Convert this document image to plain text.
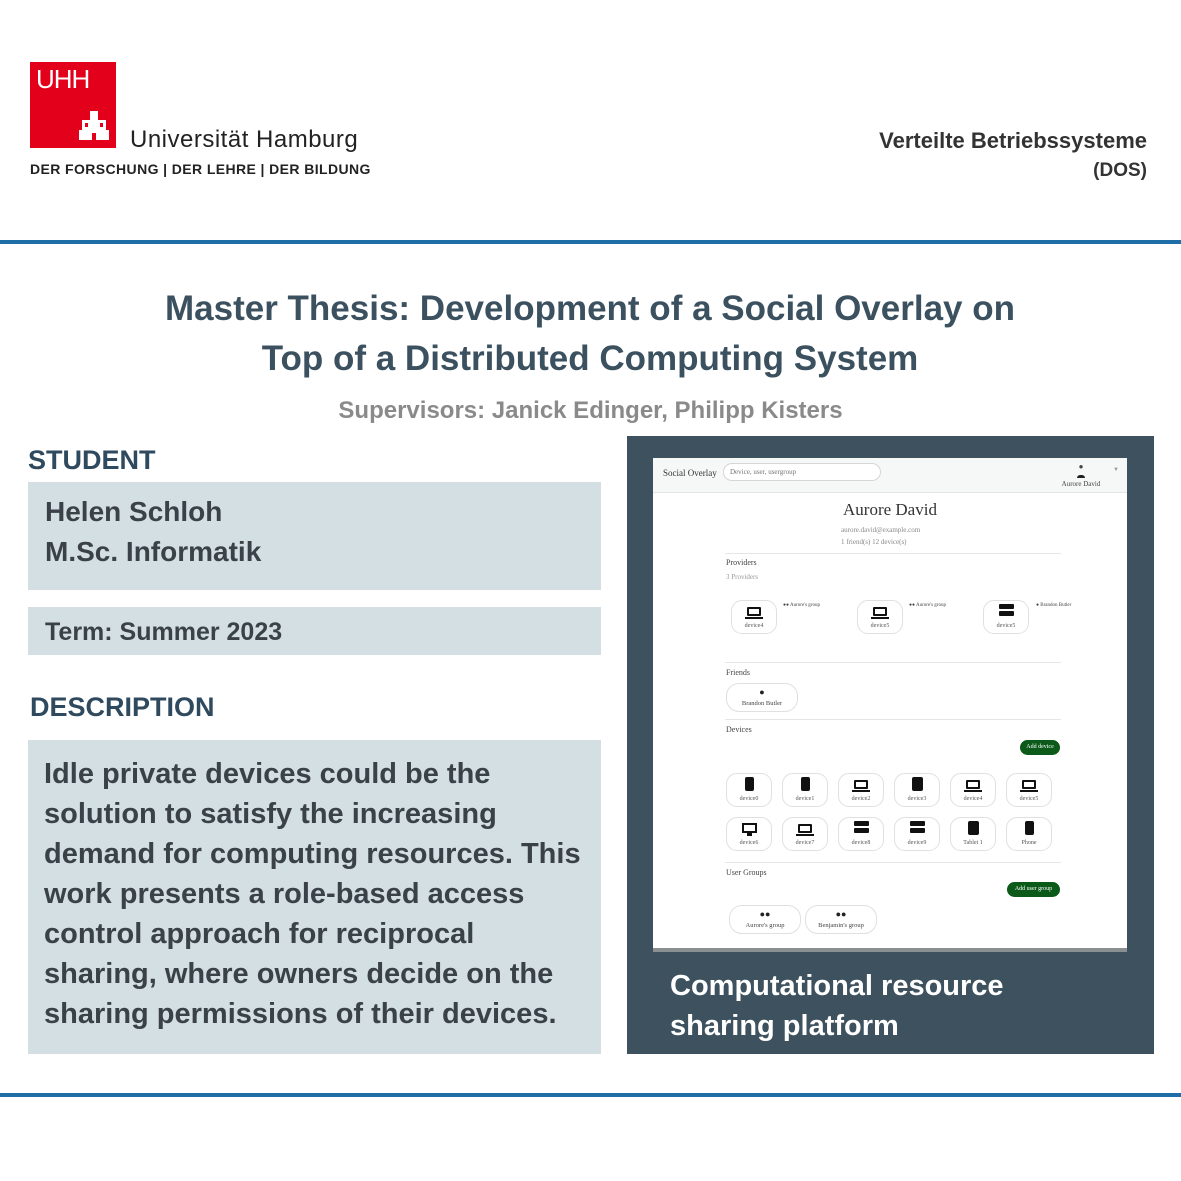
UHH
Universität Hamburg
DER FORSCHUNG | DER LEHRE | DER BILDUNG
Verteilte Betriebssysteme
(DOS)
Master Thesis: Development of a Social Overlay on
Top of a Distributed Computing System
Supervisors: Janick Edinger, Philipp Kisters
STUDENT
Helen Schloh
M.Sc. Informatik
Term: Summer 2023
DESCRIPTION
Idle private devices could be the solution to satisfy the increasing demand for computing resources. This work presents a role-based access control approach for reciprocal sharing, where owners decide on the sharing permissions of their devices.
Social Overlay
Device, user, usergroup
●

Aurore David
▼
Aurore David
aurore.david@example.com
1 friend(s) 12 device(s)
Providers
3 Providers
device4
●● Aurore's group
device5
●● Aurore's group
device5
● Brandon Butler
Friends
●
Brandon Butler
Devices
Add device
device0	device1	device2	device3	device4	device5
device6	device7	device8	device9	Tablet 1	Phone
User Groups
Add user group
●●
Aurore's group
●●
Benjamin's group
Computational resource
sharing platform
